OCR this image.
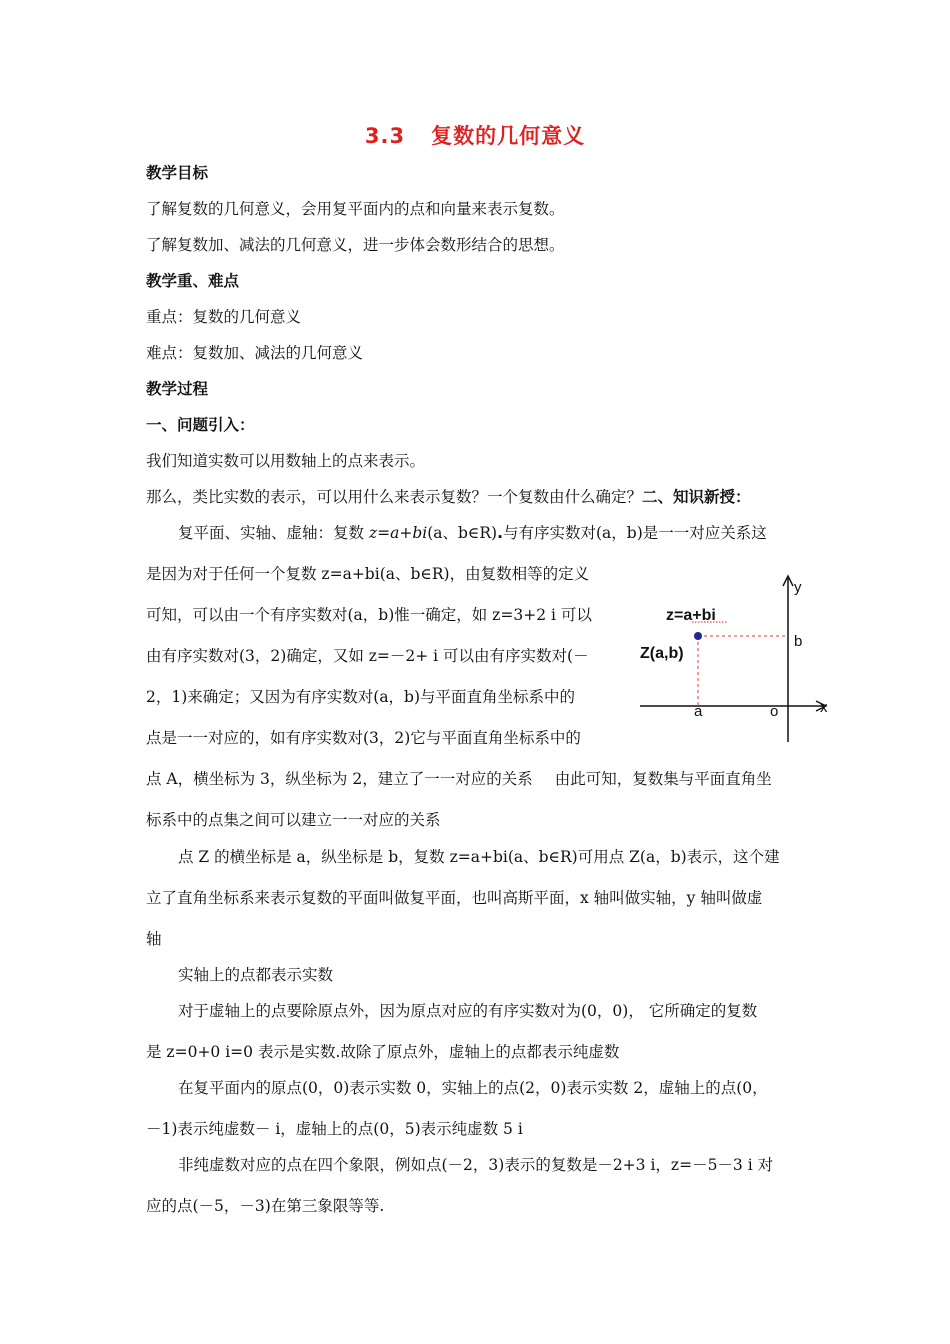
3.3 复数的几何意义
教学目标
了解复数的几何意义，会用复平面内的点和向量来表示复数。
了解复数加、减法的几何意义，进一步体会数形结合的思想。
教学重、难点
重点：复数的几何意义
难点：复数加、减法的几何意义
教学过程
一、问题引入：
我们知道实数可以用数轴上的点来表示。
那么，类比实数的表示，可以用什么来表示复数？一个复数由什么确定？二、知识新授：
复平面、实轴、虚轴：复数 z=a+bi(a、b∈R).与有序实数对(a，b)是一一对应关系这
是因为对于任何一个复数 z=a+bi(a、b∈R)，由复数相等的定义
可知，可以由一个有序实数对(a，b)惟一确定，如 z=3+2 i 可以
由有序实数对(3，2)确定，又如 z=－2+ i 可以由有序实数对(－
2，1)来确定；又因为有序实数对(a，b)与平面直角坐标系中的
点是一一对应的，如有序实数对(3，2)它与平面直角坐标系中的
点 A，横坐标为 3，纵坐标为 2，建立了一一对应的关系 由此可知，复数集与平面直角坐
标系中的点集之间可以建立一一对应的关系
点 Z 的横坐标是 a，纵坐标是 b，复数 z=a+bi(a、b∈R)可用点 Z(a，b)表示，这个建
立了直角坐标系来表示复数的平面叫做复平面，也叫高斯平面，x 轴叫做实轴，y 轴叫做虚
轴
实轴上的点都表示实数
对于虚轴上的点要除原点外，因为原点对应的有序实数对为(0，0)， 它所确定的复数
是 z=0+0 i=0 表示是实数.故除了原点外，虚轴上的点都表示纯虚数
在复平面内的原点(0，0)表示实数 0，实轴上的点(2，0)表示实数 2，虚轴上的点(0，
－1)表示纯虚数－ i，虚轴上的点(0，5)表示纯虚数 5 i
非纯虚数对应的点在四个象限，例如点(－2，3)表示的复数是－2+3 i，z=－5－3 i 对
应的点(－5，－3)在第三象限等等.
z=a+bi
Z(a,b)
y
x
b
a	o
